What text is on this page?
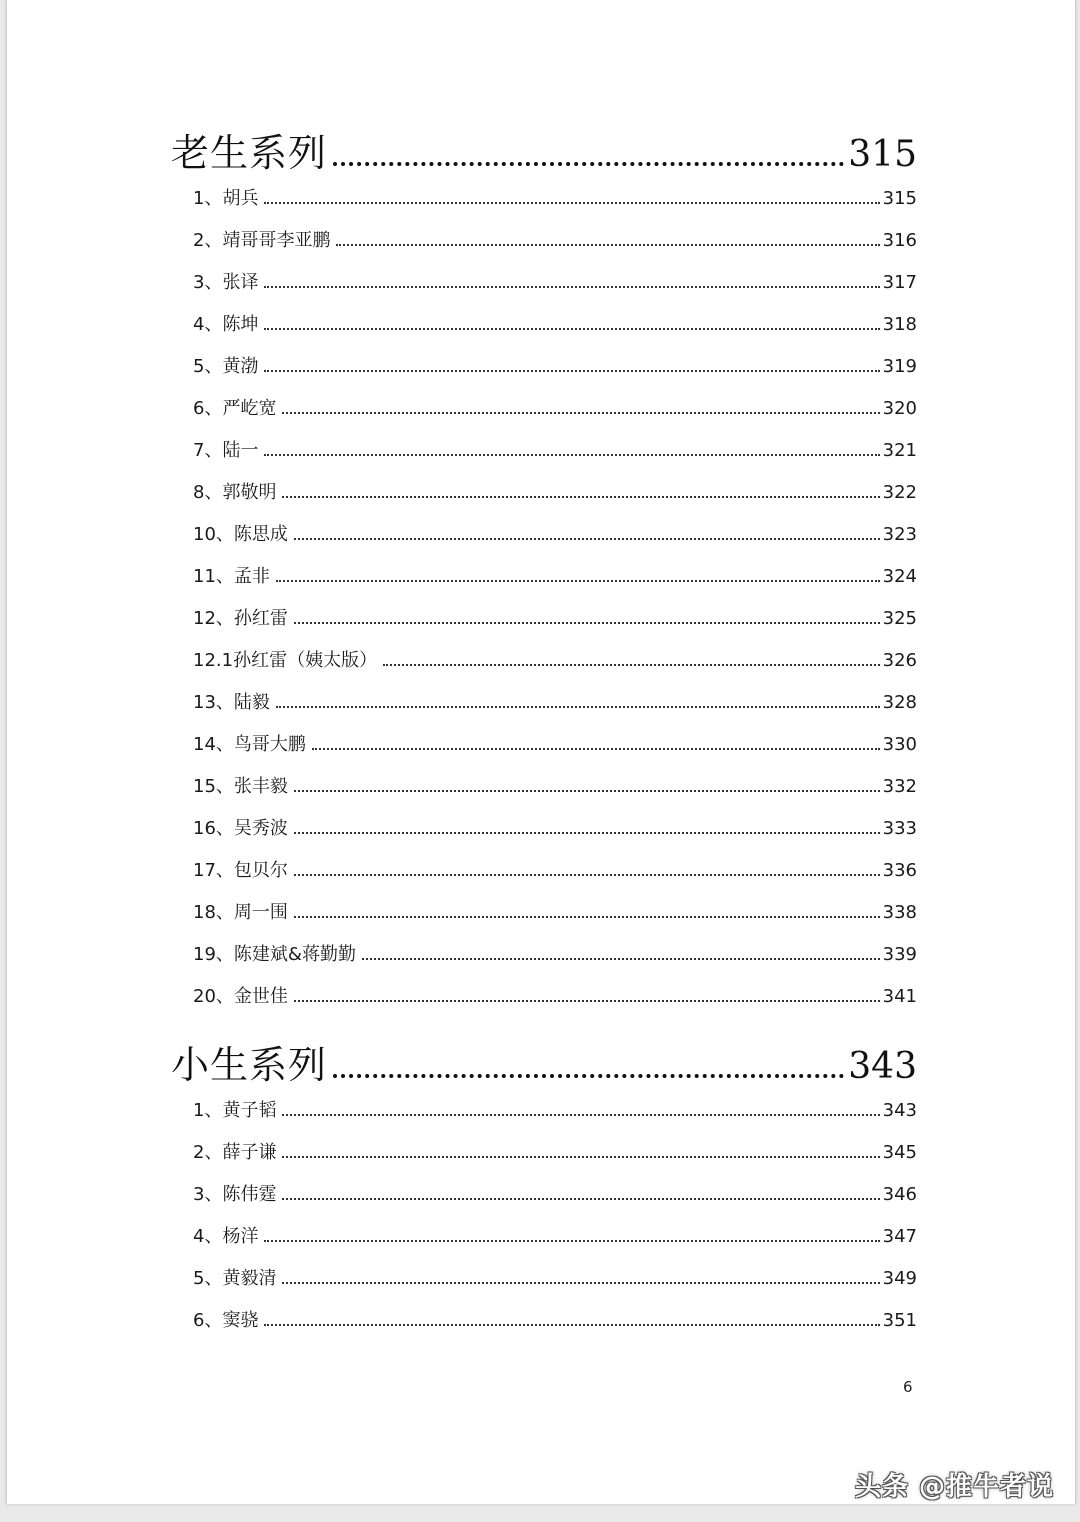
老生系列	315
1、胡兵	315
2、靖哥哥李亚鹏	316
3、张译	317
4、陈坤	318
5、黄渤	319
6、严屹宽	320
7、陆一	321
8、郭敬明	322
10、陈思成	323
11、孟非	324
12、孙红雷	325
12.1孙红雷（姨太版）	326
13、陆毅	328
14、鸟哥大鹏	330
15、张丰毅	332
16、吴秀波	333
17、包贝尔	336
18、周一围	338
19、陈建斌&蒋勤勤	339
20、金世佳	341
小生系列	343
1、黄子韬	343
2、薛子谦	345
3、陈伟霆	346
4、杨洋	347
5、黄毅清	349
6、窦骁	351
6
头条 @推牛者说
